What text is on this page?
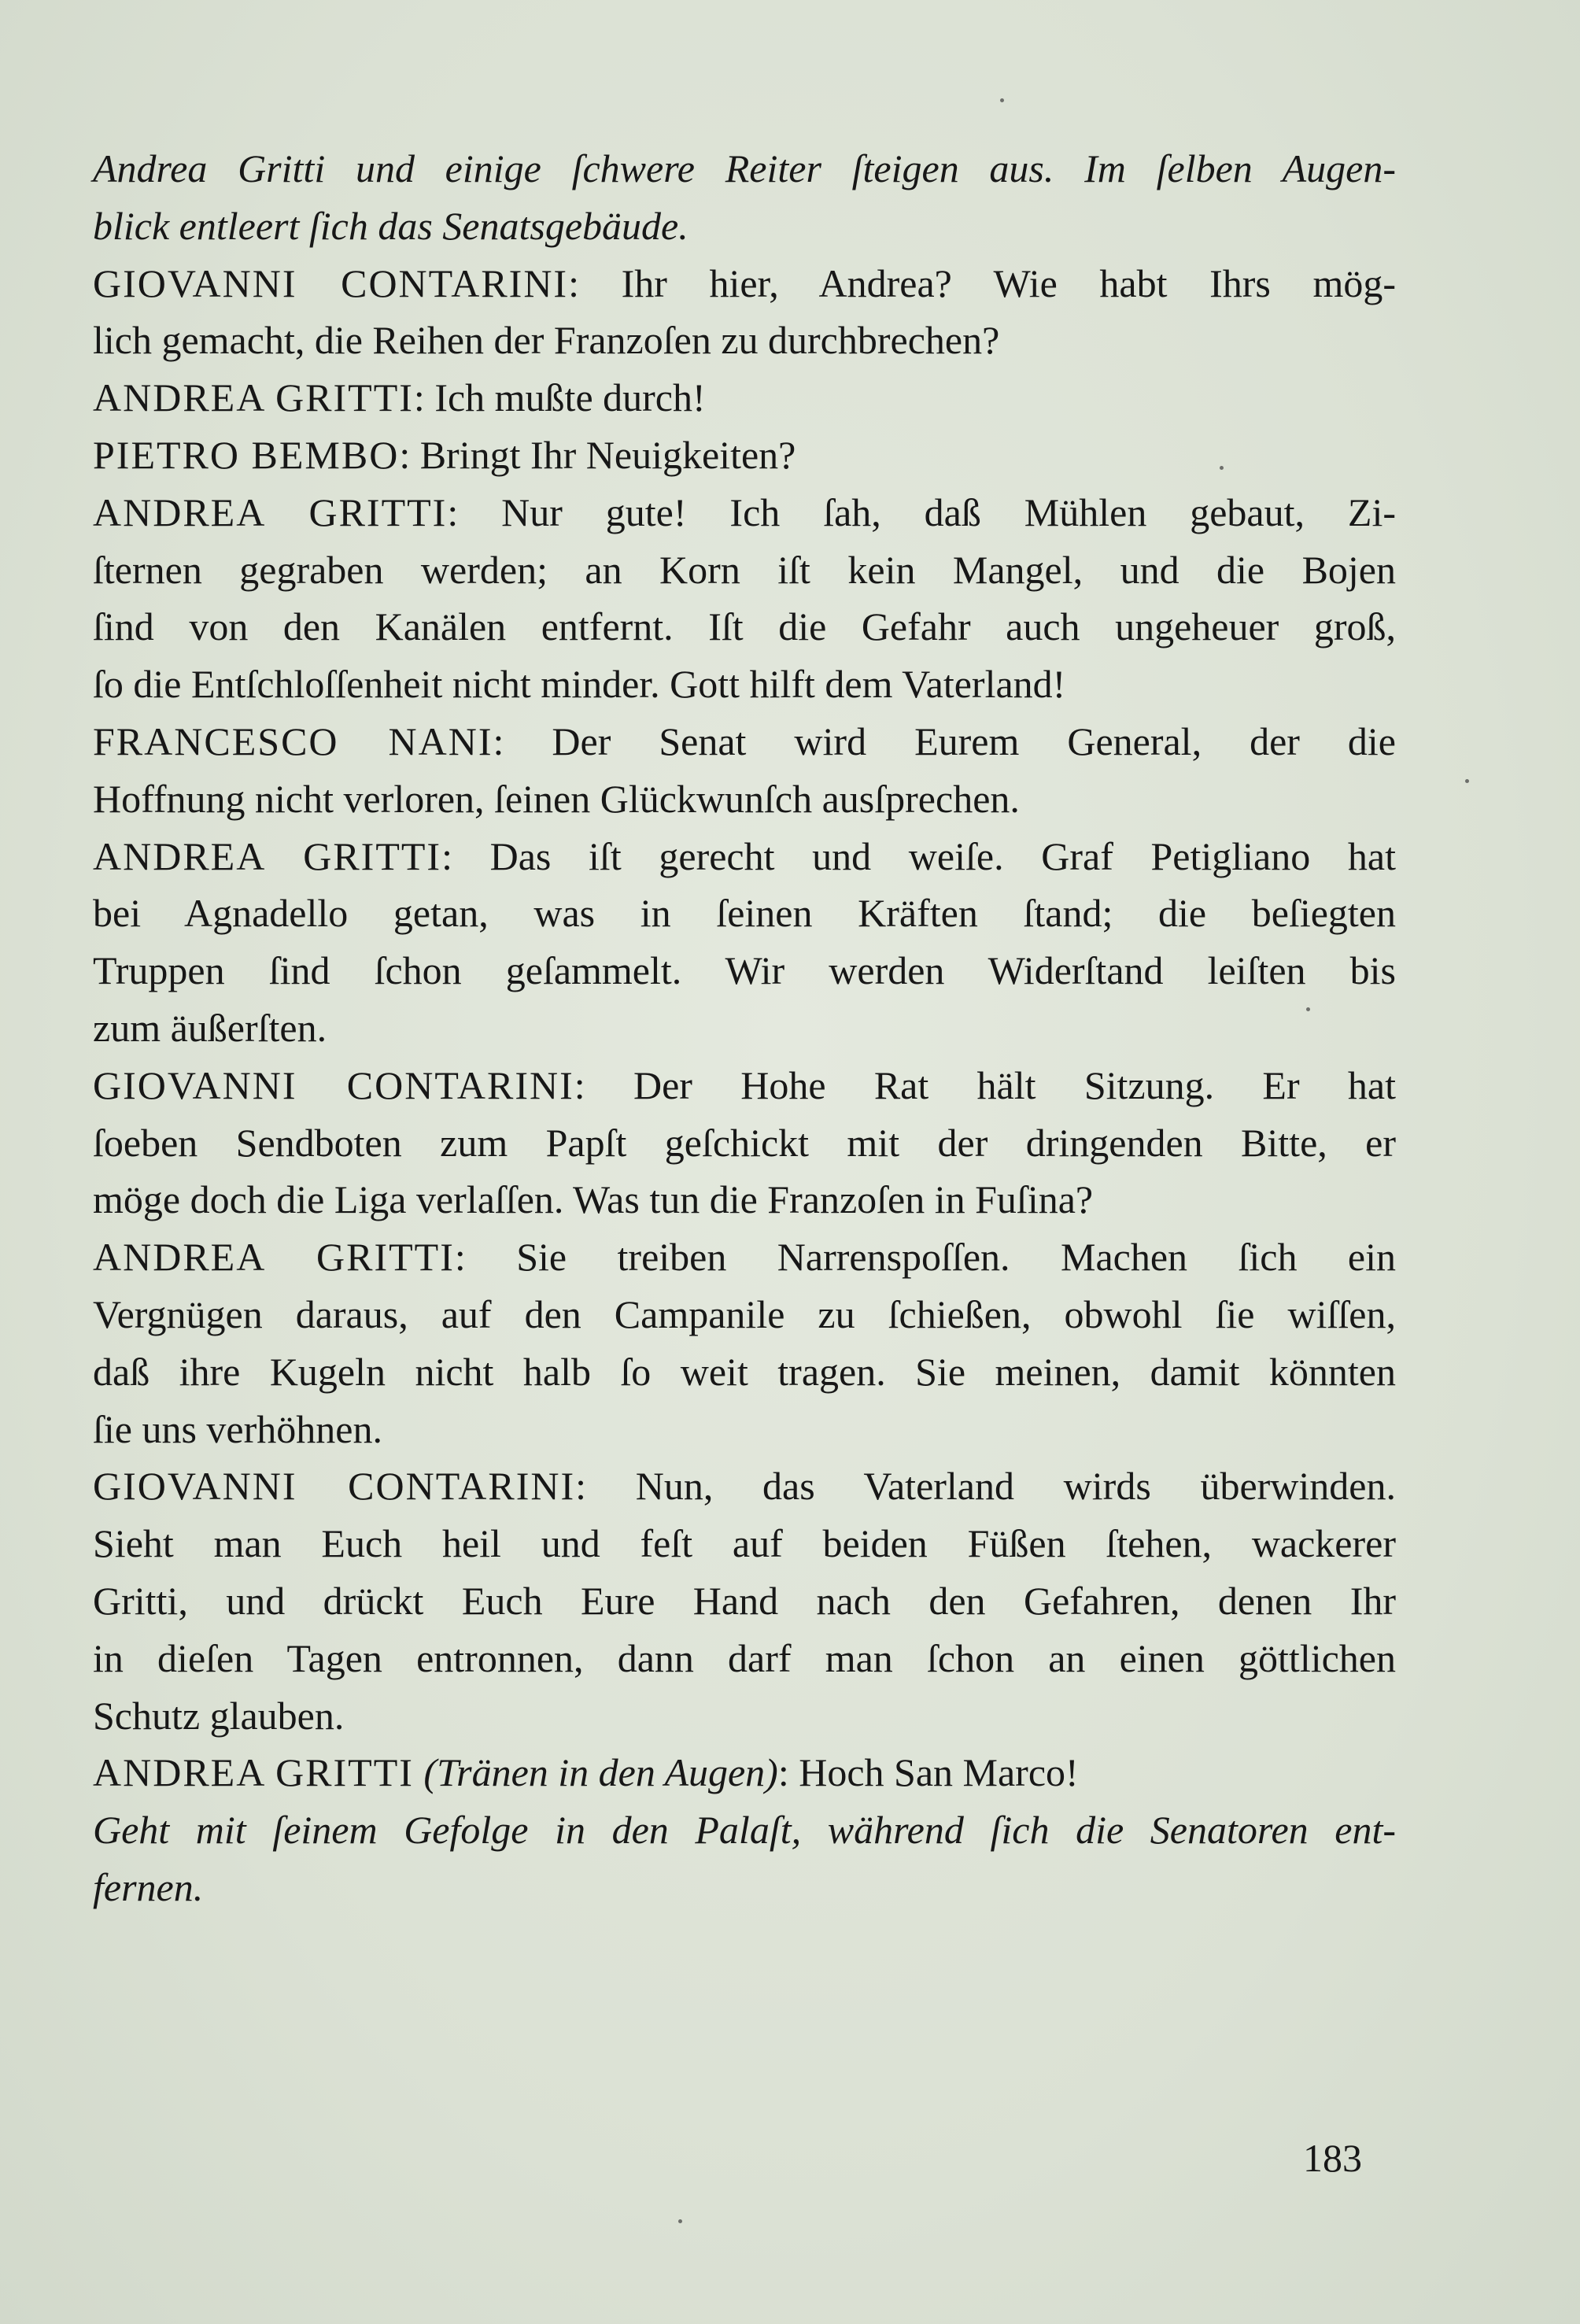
Andrea Gritti und einige ſchwere Reiter ſteigen aus. Im ſelben Augen-
blick entleert ſich das Senatsgebäude.
GIOVANNI CONTARINI: Ihr hier, Andrea? Wie habt Ihrs mög-
lich gemacht, die Reihen der Franzoſen zu durchbrechen?
ANDREA GRITTI: Ich mußte durch!
PIETRO BEMBO: Bringt Ihr Neuigkeiten?
ANDREA GRITTI: Nur gute! Ich ſah, daß Mühlen gebaut, Zi-
ſternen gegraben werden; an Korn iſt kein Mangel, und die Bojen
ſind von den Kanälen entfernt. Iſt die Gefahr auch ungeheuer groß,
ſo die Entſchloſſenheit nicht minder. Gott hilft dem Vaterland!
FRANCESCO NANI: Der Senat wird Eurem General, der die
Hoffnung nicht verloren, ſeinen Glückwunſch ausſprechen.
ANDREA GRITTI: Das iſt gerecht und weiſe. Graf Petigliano hat
bei Agnadello getan, was in ſeinen Kräften ſtand; die beſiegten
Truppen ſind ſchon geſammelt. Wir werden Widerſtand leiſten bis
zum äußerſten.
GIOVANNI CONTARINI: Der Hohe Rat hält Sitzung. Er hat
ſoeben Sendboten zum Papſt geſchickt mit der dringenden Bitte, er
möge doch die Liga verlaſſen. Was tun die Franzoſen in Fuſina?
ANDREA GRITTI: Sie treiben Narrenspoſſen. Machen ſich ein
Vergnügen daraus, auf den Campanile zu ſchießen, obwohl ſie wiſſen,
daß ihre Kugeln nicht halb ſo weit tragen. Sie meinen, damit könnten
ſie uns verhöhnen.
GIOVANNI CONTARINI: Nun, das Vaterland wirds überwinden.
Sieht man Euch heil und feſt auf beiden Füßen ſtehen, wackerer
Gritti, und drückt Euch Eure Hand nach den Gefahren, denen Ihr
in dieſen Tagen entronnen, dann darf man ſchon an einen göttlichen
Schutz glauben.
ANDREA GRITTI (Tränen in den Augen): Hoch San Marco!
Geht mit ſeinem Gefolge in den Palaſt, während ſich die Senatoren ent-
fernen.
183
